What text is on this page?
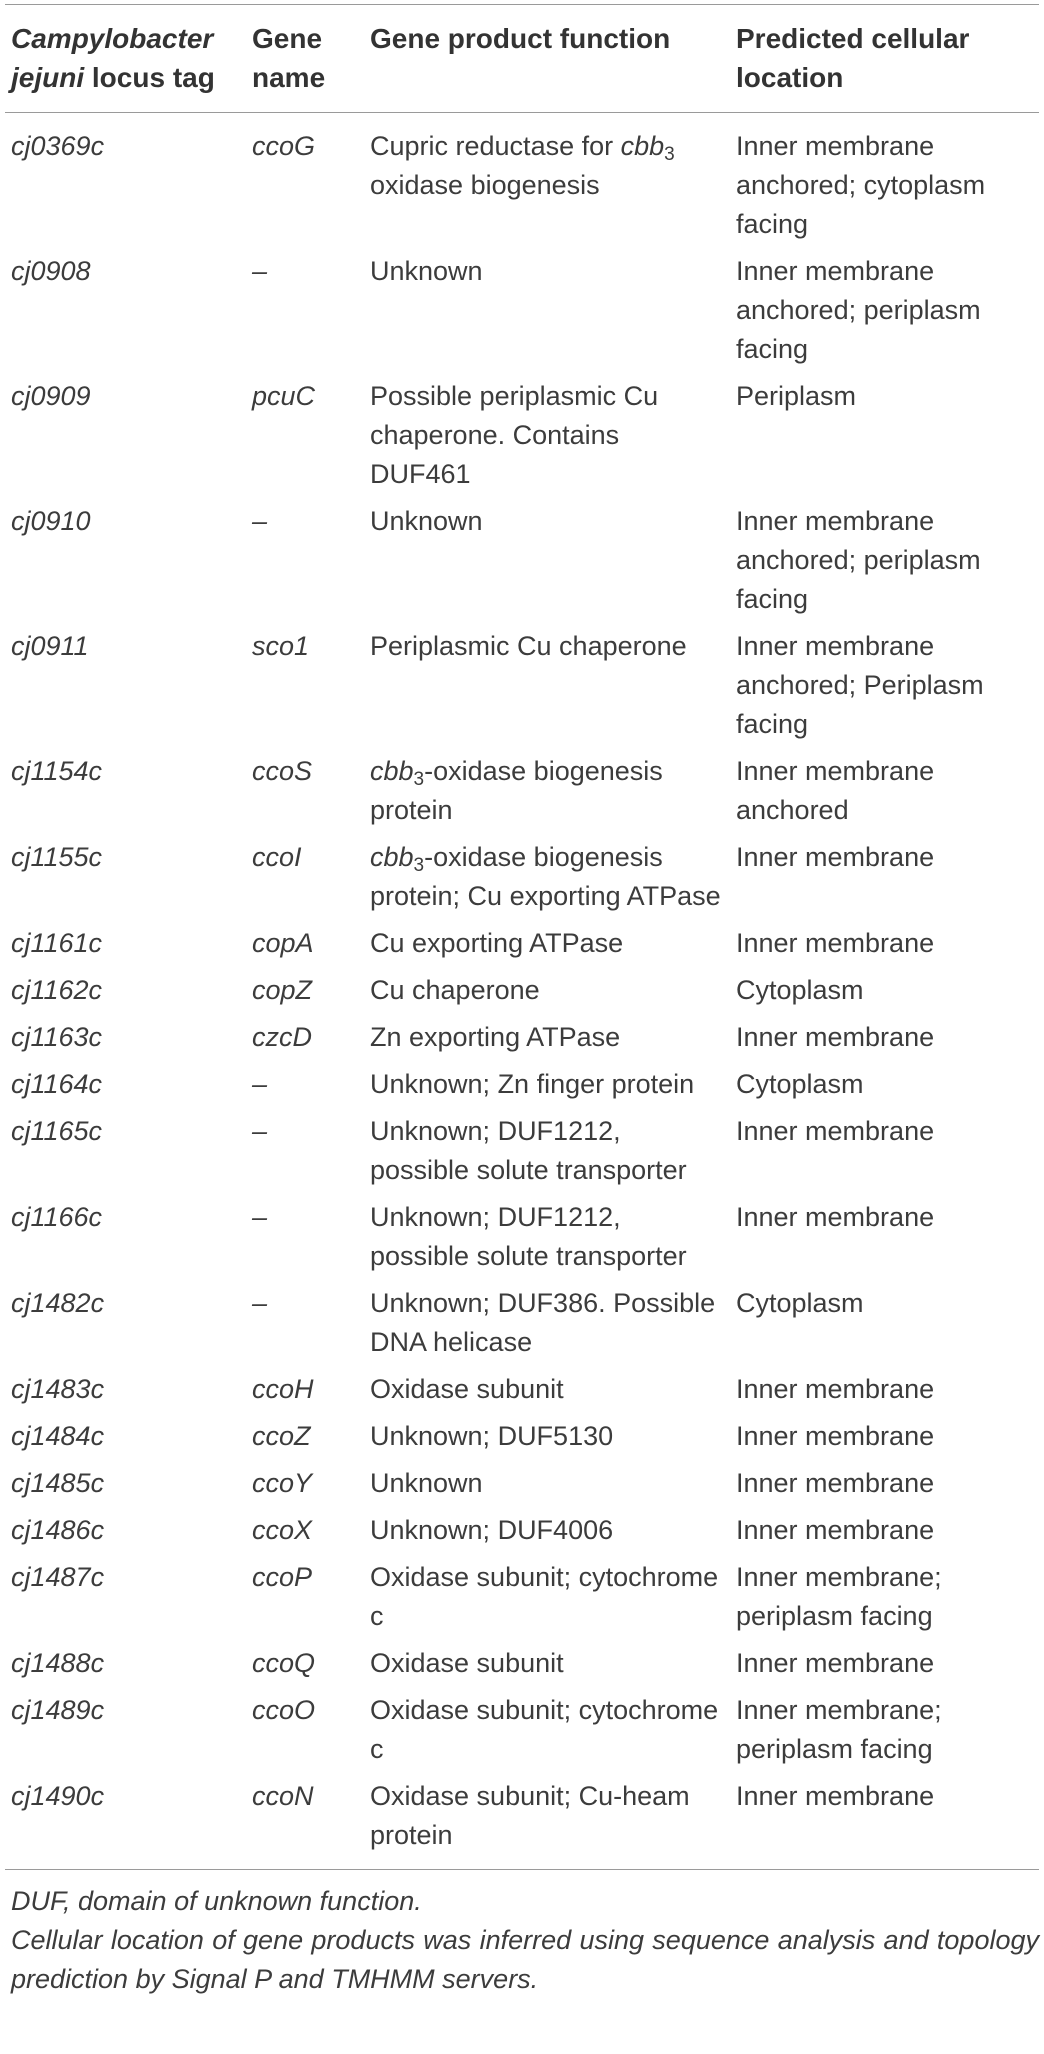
Campylobacter jejuni locus tag	Gene name	Gene product function	Predicted cellular location
cj0369c	ccoG	Cupric reductase for cbb$_3$ oxidase biogenesis	Inner membrane anchored; cytoplasm facing
cj0908	–	Unknown	Inner membrane anchored; periplasm facing
cj0909	pcuC	Possible periplasmic Cu chaperone. Contains DUF461	Periplasm
cj0910	–	Unknown	Inner membrane anchored; periplasm facing
cj0911	sco1	Periplasmic Cu chaperone	Inner membrane anchored; Periplasm facing
cj1154c	ccoS	cbb$_3$-oxidase biogenesis protein	Inner membrane anchored
cj1155c	ccoI	cbb$_3$-oxidase biogenesis protein; Cu exporting ATPase	Inner membrane
cj1161c	copA	Cu exporting ATPase	Inner membrane
cj1162c	copZ	Cu chaperone	Cytoplasm
cj1163c	czcD	Zn exporting ATPase	Inner membrane
cj1164c	–	Unknown; Zn finger protein	Cytoplasm
cj1165c	–	Unknown; DUF1212, possible solute transporter	Inner membrane
cj1166c	–	Unknown; DUF1212, possible solute transporter	Inner membrane
cj1482c	–	Unknown; DUF386. Possible DNA helicase	Cytoplasm
cj1483c	ccoH	Oxidase subunit	Inner membrane
cj1484c	ccoZ	Unknown; DUF5130	Inner membrane
cj1485c	ccoY	Unknown	Inner membrane
cj1486c	ccoX	Unknown; DUF4006	Inner membrane
cj1487c	ccoP	Oxidase subunit; cytochrome c	Inner membrane; periplasm facing
cj1488c	ccoQ	Oxidase subunit	Inner membrane
cj1489c	ccoO	Oxidase subunit; cytochrome c	Inner membrane; periplasm facing
cj1490c	ccoN	Oxidase subunit; Cu-heam protein	Inner membrane

DUF, domain of unknown function.

Cellular location of gene products was inferred using sequence analysis and topology prediction by Signal P and TMHMM servers.
